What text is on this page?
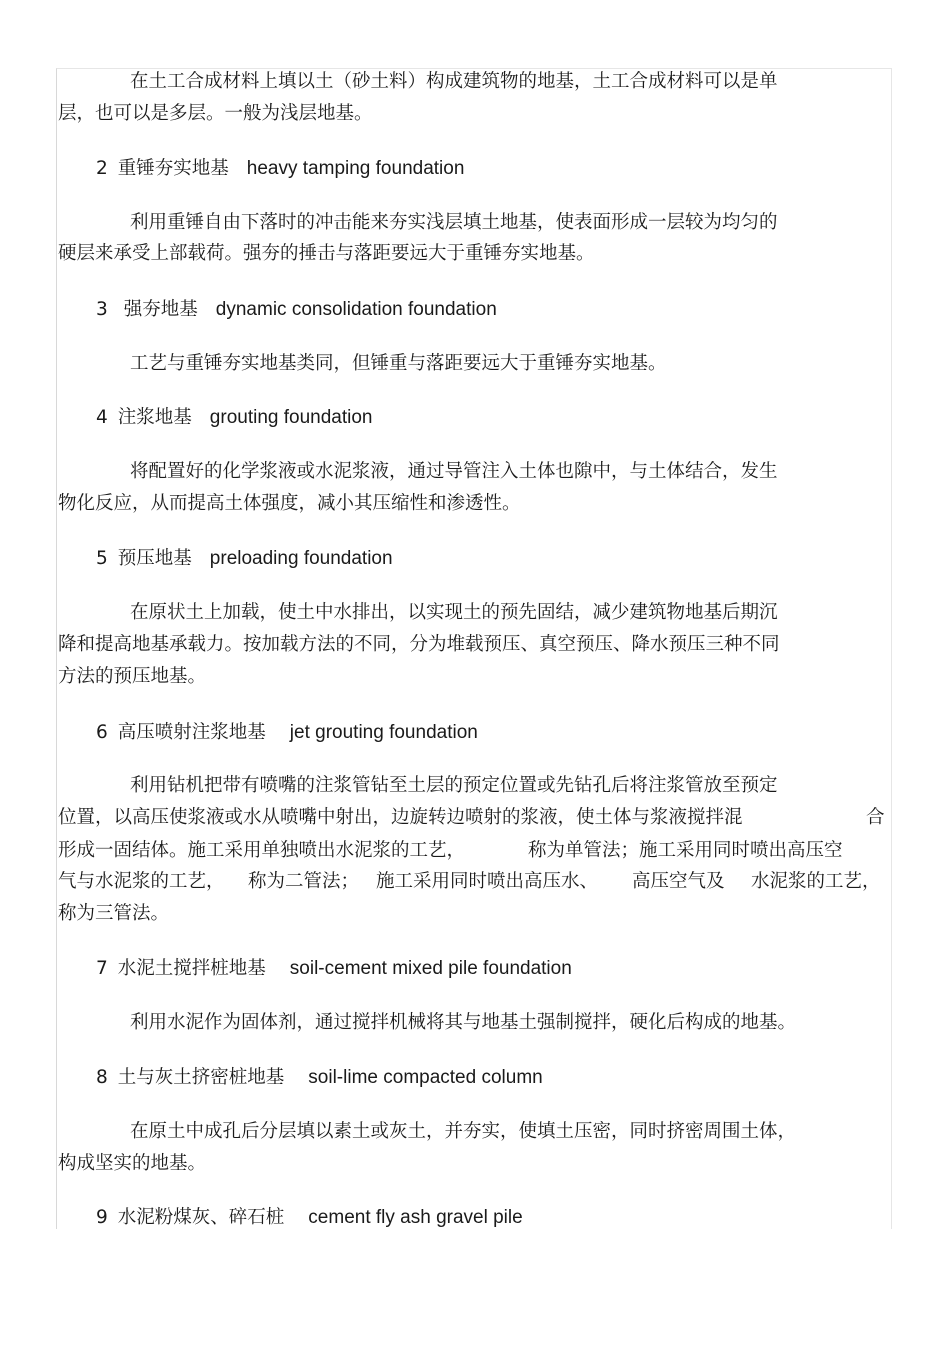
在土工合成材料上填以土（砂土料）构成建筑物的地基，土工合成材料可以是单
层，也可以是多层。一般为浅层地基。
2 重锤夯实地基 heavy tamping foundation
利用重锤自由下落时的冲击能来夯实浅层填土地基，使表面形成一层较为均匀的
硬层来承受上部载荷。强夯的捶击与落距要远大于重锤夯实地基。
3 强夯地基 dynamic consolidation foundation
工艺与重锤夯实地基类同，但锤重与落距要远大于重锤夯实地基。
4 注浆地基 grouting foundation
将配置好的化学浆液或水泥浆液，通过导管注入土体也隙中，与土体结合，发生
物化反应，从而提高土体强度，减小其压缩性和渗透性。
5 预压地基 preloading foundation
在原状土上加载，使土中水排出，以实现土的预先固结，减少建筑物地基后期沉
降和提高地基承载力。按加载方法的不同，分为堆载预压、真空预压、降水预压三种不同
方法的预压地基。
6 高压喷射注浆地基 jet grouting foundation
利用钻机把带有喷嘴的注浆管钻至土层的预定位置或先钻孔后将注浆管放至预定
位置，以高压使浆液或水从喷嘴中射出，边旋转边喷射的浆液，使土体与浆液搅拌混	合
形成一固结体。施工采用单独喷出水泥浆的工艺，	称为单管法；施工采用同时喷出高压空
气与水泥浆的工艺， 称为二管法； 施工采用同时喷出高压水、 高压空气及 水泥浆的工艺，
称为三管法。
7 水泥土搅拌桩地基 soil-cement mixed pile foundation
利用水泥作为固体剂，通过搅拌机械将其与地基土强制搅拌，硬化后构成的地基。
8 土与灰土挤密桩地基 soil-lime compacted column
在原土中成孔后分层填以素土或灰土，并夯实，使填土压密，同时挤密周围土体，
构成坚实的地基。
9 水泥粉煤灰、碎石桩 cement fly ash gravel pile
